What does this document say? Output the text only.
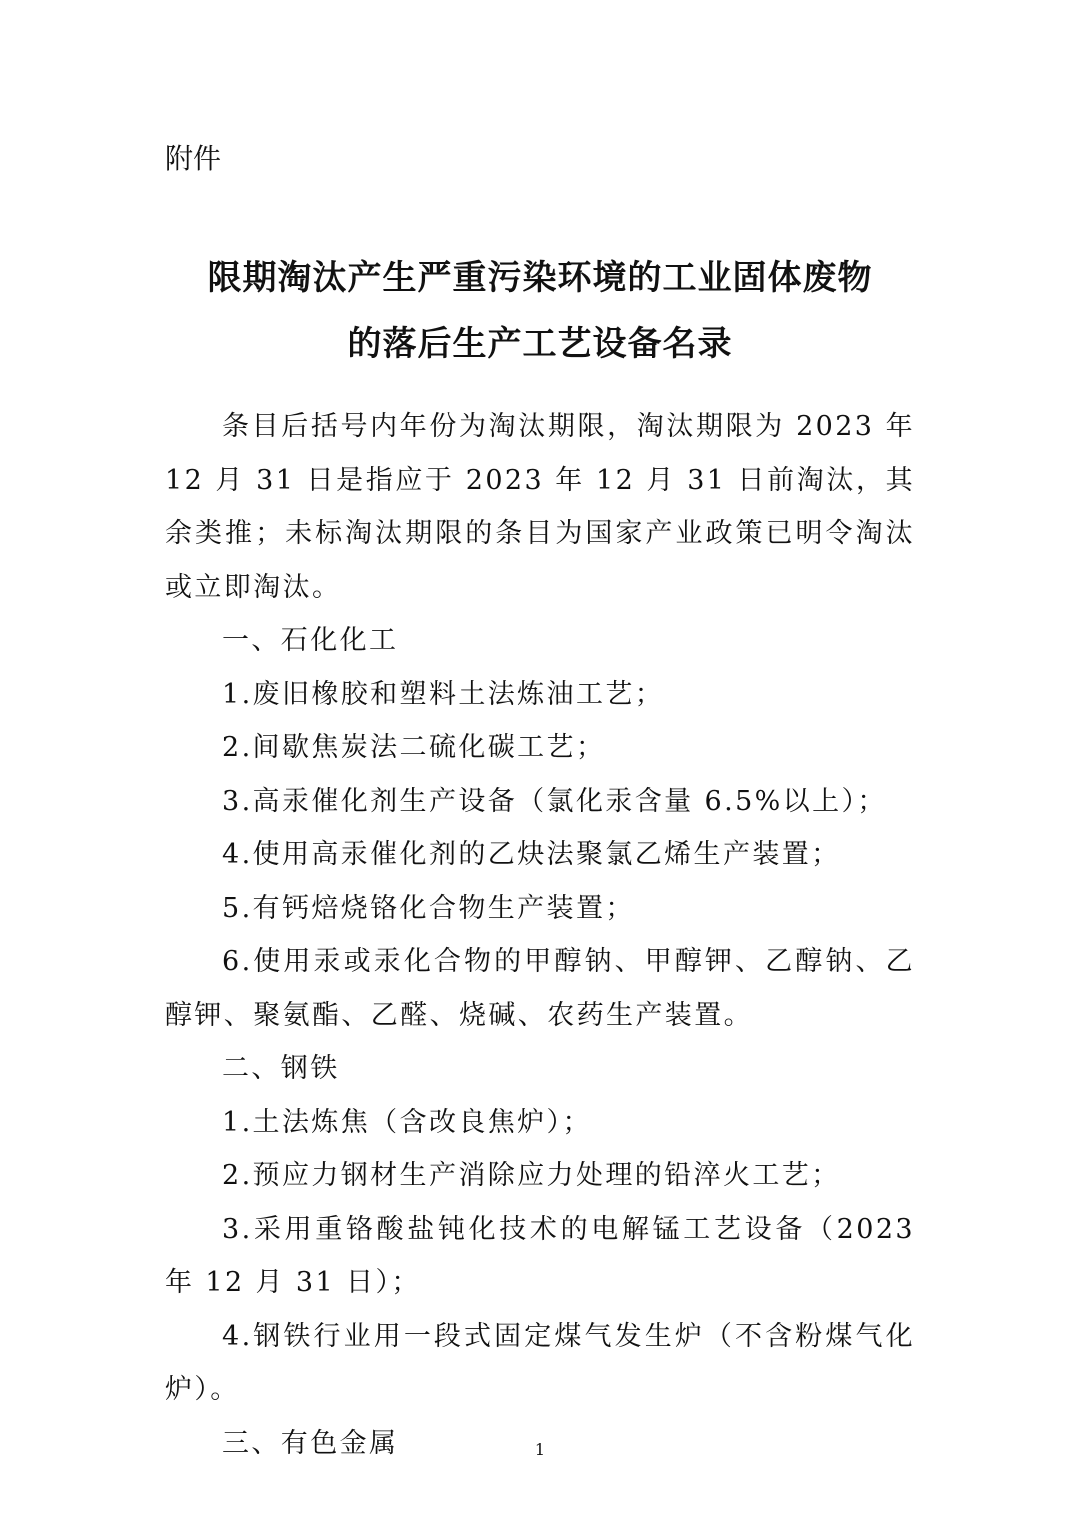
附件
限期淘汰产生严重污染环境的工业固体废物
的落后生产工艺设备名录

条目后括号内年份为淘汰期限，淘汰期限为 2023 年 12 月 31 日是指应于 2023 年 12 月 31 日前淘汰，其余类推；未标淘汰期限的条目为国家产业政策已明令淘汰或立即淘汰。

一、石化化工

1.废旧橡胶和塑料土法炼油工艺；

2.间歇焦炭法二硫化碳工艺；

3.高汞催化剂生产设备（氯化汞含量 6.5%以上）；

4.使用高汞催化剂的乙炔法聚氯乙烯生产装置；

5.有钙焙烧铬化合物生产装置；

6.使用汞或汞化合物的甲醇钠、甲醇钾、乙醇钠、乙醇钾、聚氨酯、乙醛、烧碱、农药生产装置。

二、钢铁

1.土法炼焦（含改良焦炉）；

2.预应力钢材生产消除应力处理的铅淬火工艺；

3.采用重铬酸盐钝化技术的电解锰工艺设备（2023 年 12 月 31 日）；

4.钢铁行业用一段式固定煤气发生炉（不含粉煤气化炉）。

三、有色金属	1
